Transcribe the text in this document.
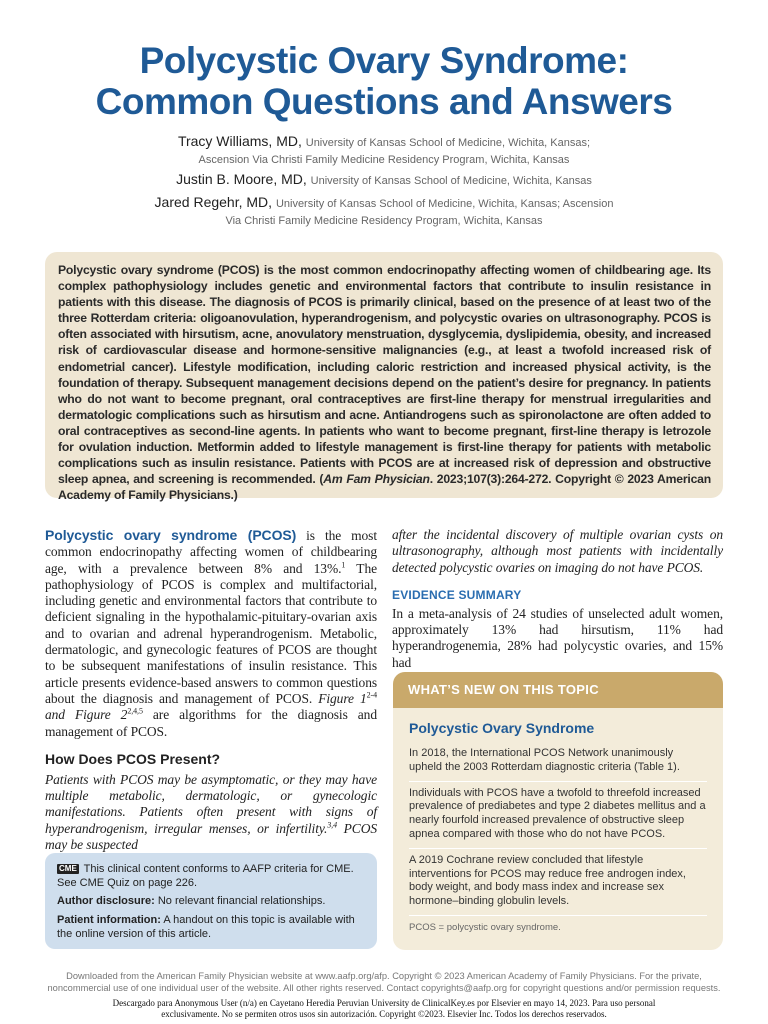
Polycystic Ovary Syndrome:
Common Questions and Answers
Tracy Williams, MD, University of Kansas School of Medicine, Wichita, Kansas;
Ascension Via Christi Family Medicine Residency Program, Wichita, Kansas
Justin B. Moore, MD, University of Kansas School of Medicine, Wichita, Kansas
Jared Regehr, MD, University of Kansas School of Medicine, Wichita, Kansas; Ascension
Via Christi Family Medicine Residency Program, Wichita, Kansas

Polycystic ovary syndrome (PCOS) is the most common endocrinopathy affecting women of childbearing age. Its complex pathophysiology includes genetic and environmental factors that contribute to insulin resistance in patients with this disease. The diagnosis of PCOS is primarily clinical, based on the presence of at least two of the three Rotterdam criteria: oligoanovulation, hyperandrogenism, and polycystic ovaries on ultrasonography. PCOS is often associated with hirsutism, acne, anovulatory menstruation, dysglycemia, dyslipidemia, obesity, and increased risk of cardiovascular disease and hormone-sensitive malignancies (e.g., at least a twofold increased risk of endometrial cancer). Lifestyle modification, including caloric restriction and increased physical activity, is the foundation of therapy. Subsequent management decisions depend on the patient’s desire for pregnancy. In patients who do not want to become pregnant, oral contraceptives are first-line therapy for menstrual irregularities and dermatologic complications such as hirsutism and acne. Antiandrogens such as spironolactone are often added to oral contraceptives as second-line agents. In patients who want to become pregnant, first-line therapy is letrozole for ovulation induction. Metformin added to lifestyle management is first-line therapy for patients with metabolic complications such as insulin resistance. Patients with PCOS are at increased risk of depression and obstructive sleep apnea, and screening is recommended. (Am Fam Physician. 2023;107(3):264-272. Copyright © 2023 American Academy of Family Physicians.)

Polycystic ovary syndrome (PCOS) is the most common endocrinopathy affecting women of childbearing age, with a prevalence between 8% and 13%.$^1$ The pathophysiology of PCOS is complex and multifactorial, including genetic and environmental factors that contribute to deficient signaling in the hypothalamic-pituitary-ovarian axis and to ovarian and adrenal hyperandrogenism. Metabolic, dermatologic, and gynecologic features of PCOS are thought to be subsequent manifestations of insulin resistance. This article presents evidence-based answers to common questions about the diagnosis and management of PCOS. Figure 1$^{2-4}$ and Figure 2$^{2,4,5}$ are algorithms for the diagnosis and management of PCOS.

How Does PCOS Present?

Patients with PCOS may be asymptomatic, or they may have multiple metabolic, dermatologic, or gynecologic manifestations. Patients often present with signs of hyperandrogenism, irregular menses, or infertility.$^{3,4}$ PCOS may be suspected

CME This clinical content conforms to AAFP criteria for CME. See CME Quiz on page 226.

Author disclosure: No relevant financial relationships.

Patient information: A handout on this topic is available with the online version of this article.

after the incidental discovery of multiple ovarian cysts on ultrasonography, although most patients with incidentally detected polycystic ovaries on imaging do not have PCOS.

EVIDENCE SUMMARY

In a meta-analysis of 24 studies of unselected adult women, approximately 13% had hirsutism, 11% had hyperandrogenemia, 28% had polycystic ovaries, and 15% had

WHAT’S NEW ON THIS TOPIC
Polycystic Ovary Syndrome
In 2018, the International PCOS Network unanimously upheld the 2003 Rotterdam diagnostic criteria (Table 1).
Individuals with PCOS have a twofold to threefold increased prevalence of prediabetes and type 2 diabetes mellitus and a nearly fourfold increased prevalence of obstructive sleep apnea compared with those who do not have PCOS.
A 2019 Cochrane review concluded that lifestyle interventions for PCOS may reduce free androgen index, body weight, and body mass index and increase sex hormone–binding globulin levels.
PCOS = polycystic ovary syndrome.

Downloaded from the American Family Physician website at www.aafp.org/afp. Copyright © 2023 American Academy of Family Physicians. For the private, noncommercial use of one individual user of the website. All other rights reserved. Contact copyrights@aafp.org for copyright questions and/or permission requests.

Descargado para Anonymous User (n/a) en Cayetano Heredia Peruvian University de ClinicalKey.es por Elsevier en mayo 14, 2023. Para uso personal exclusivamente. No se permiten otros usos sin autorización. Copyright ©2023. Elsevier Inc. Todos los derechos reservados.
